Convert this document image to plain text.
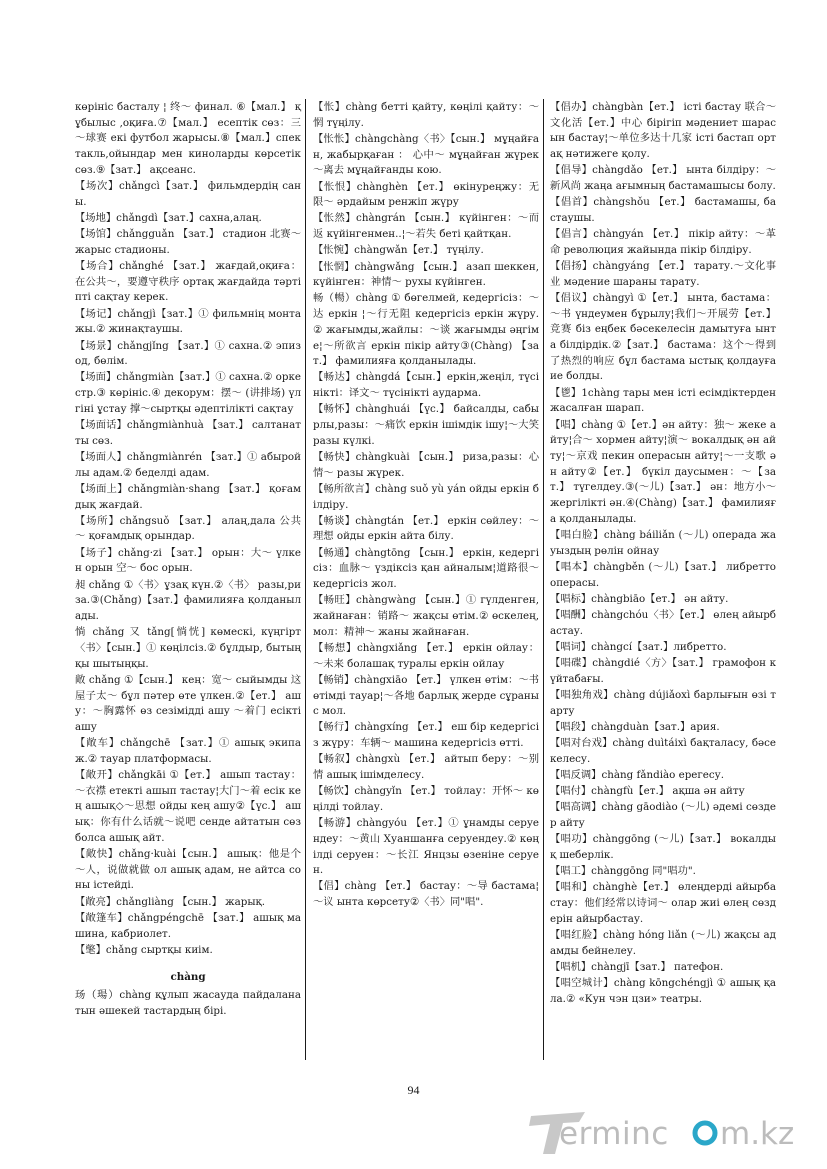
көрініс басталу ¦ 终～ финал. ⑥【мал.】 құбылыс ,оқиға.⑦【мал.】 есептік сөз：三～球赛 екі футбол жарысы.⑧【мал.】спектакль,ойындар мен киноларды көрсетік сөз.⑨【зат.】 ақсеанс.

【场次】chǎngcì【зат.】 фильмдердің саны.

【场地】chǎngdì【зат.】сахна,алаң.

【场馆】chǎngguǎn 【зат.】 стадион 北赛～ жарыс стадионы.

【场合】chǎnghé 【зат.】 жағдай,оқиға：在公共～，要遵守秩序 ортақ жағдайда тәртіпті сақтау керек.

【场记】chǎngjì【зат.】① фильмнің монтажы.② жинақтаушы.

【场景】chǎngjǐng 【зат.】① сахна.② эпизод, бөлім.

【场面】chǎngmiàn【зат.】① сахна.② оркестр.③ көрініс.④ декорум：摆～ (讲排场) үлгіні ұстау 撑～сыртқы әдептілікті сақтау

【场面话】chǎngmiànhuà 【зат.】 салтанатты сөз.

【场面人】chǎngmiànrén 【зат.】① абыройлы адам.② беделді адам.

【场面上】chǎngmiàn·shang 【зат.】 қоғамдық жағдай.

【场所】chǎngsuǒ 【зат.】 алаң,дала 公共～ қоғамдық орындар.

【场子】chǎng·zi 【зат.】 орын：大～ үлкен орын 空～ бос орын.

昶 chǎng ①〈书〉ұзақ күн.②〈书〉 разы,риза.③(Chǎng)【зат.】фамилияға қолданылады.

惝 chǎng 又 tǎng[惝恍] көмескі, күңгірт〈书〉【сын.】① көңілсіз.② бұлдыр, бытыңқы шытыңқы.

敞 chǎng ①【сын.】 кең：宽～ сыйымды 这屋子太～ бұл пәтер өте үлкен.②【ет.】 ашу：～胸露怀 өз сезімідді ашу ～着门 есікті ашу

【敞车】chǎngchē 【зат.】① ашық экипаж.② тауар платформасы.

【敞开】chǎngkāi ①【ет.】 ашып тастау：～衣襟 етекті ашып тастау¦大门～着 есік кең ашық◇～思想 ойды кең ашу②【үс.】 ашық：你有什么话就～说吧 сенде айтатын сөз болса ашық айт.

【敞快】chǎng·kuài【сын.】 ашық：他是个～人，说做就做 ол ашық адам, не айтса соны істейді.

【敞亮】chǎngliàng 【сын.】 жарық.

【敞篷车】chǎngpéngchē 【зат.】 ашық машина, кабриолет.

【氅】chǎng сыртқы киім.

chàng

玚（瑒）chàng құлып жасауда пайдаланатын әшекей тастардың бірі.

【怅】chàng бетті қайту, көңілі қайту：～惘 түңілу.

【怅怅】chàngchàng〈书〉【сын.】 мұңайған, жабырқаған ： 心中～ мұңайған жүрек ～离去 мұңайғанды кою.

【怅恨】chànghèn 【ет.】 өкінуреңжу：无限～ әрдайым ренжіп жүру

【怅然】chàngrán 【сын.】 күйінген：～而返 күйінгенмен..¦～若失 беті қайтқан.

【怅惋】chàngwǎn【ет.】 түңілу.

【怅惘】chàngwǎng 【сын.】 азап шеккен,күйінген：神情～ рухы күйінген.

畅（暢）chàng ① бөгелмей, кедергісіз：～达 еркін ¦～行无阻 кедергісіз еркін жүру. ② жағымды,жайлы：～谈 жағымды әңгіме¦～所欲言 еркін пікір айту③(Chàng) 【зат.】 фамилияға қолданылады.

【畅达】chàngdá【сын.】еркін,жеңіл, түсінікті：译文～ түсінікті аударма.

【畅怀】chànghuái 【үс.】 байсалды, сабырлы,разы：～痛饮 еркін ішімдік ішу¦～大笑 разы күлкі.

【畅快】chàngkuài 【сын.】 риза,разы：心情～ разы жүрек.

【畅所欲言】chàng suǒ yù yán ойды еркін білдіру.

【畅谈】chàngtán 【ет.】 еркін сөйлеу：～理想 ойды еркін айта білу.

【畅通】chàngtōng 【сын.】 еркін, кедергісіз：血脉～ үздіксіз қан айналым¦道路很～ кедергісіз жол.

【畅旺】chàngwàng 【сын.】① гүлденген, жайнаған：销路～ жақсы өтім.② өскелең, мол：精神～ жаны жайнаған.

【畅想】chàngxiǎng 【ет.】 еркін ойлау：～未来 болашақ туралы еркін ойлау

【畅销】chàngxiāo 【ет.】 үлкен өтім：～书 өтімді тауар¦～各地 барлық жерде сұраныс мол.

【畅行】chàngxíng 【ет.】 еш бір кедергісіз жүру：车辆～ машина кедергісіз өтті.

【畅叙】chàngxù 【ет.】 айтып беру：～别情 ашық ішімделесу.

【畅饮】chàngyǐn 【ет.】 тойлау：开怀～ көңілді тойлау.

【畅游】chàngyóu 【ет.】① ұнамды серуендеу：～黄山 Хуаншанға серуендеу.② көңілді серуен：～长江 Янцзы өзеніне серуен.

【倡】chàng 【ет.】 бастау：～导 бастама¦～议 ынта көрсету②〈书〉同"唱".

【倡办】chàngbàn【ет.】 істі бастау 联合～文化活【ет.】中心 бірігіп мәдениет шарасын бастау¦～单位多达十几家 істі бастап ортақ нәтижеге қолу.

【倡导】chàngdǎo 【ет.】 ынта білдіру：～新风尚 жаңа ағымның бастамашысы болу.

【倡首】chàngshǒu 【ет.】 бастамашы, бастаушы.

【倡言】chàngyán 【ет.】 пікір айту：～革命 революция жайында пікір білдіру.

【倡扬】chàngyáng 【ет.】 тарату.～文化事业 мәдение шараны тарату.

【倡议】chàngyì ①【ет.】 ынта, бастама：～书 үндеумен бұрылу¦我们～开展劳【ет.】竞赛 біз еңбек бәсекелесін дамытуға ынта білдірдік.②【зат.】 бастама：这个～得到了热烈的响应 бұл бастама ыстық қолдауға ие болды.

【鬯】1chàng тары мен істі есімдіктерден жасалған шарап.

【唱】chàng ①【ет.】ән айту：独～ жеке айту¦合～ хормен айту¦演～ вокалдық ән айту¦～京戏 пекин операсын айту¦～一支歌 ән айту②【ет.】 бүкіл даусымен：～【зат.】 түгелдеу.③(～儿)【зат.】 ән：地方小～ жергілікті ән.④(Chàng)【зат.】 фамилияға қолданылады.

【唱白脸】chàng báiliǎn (～儿) операда жауыздың рөлін ойнау

【唱本】chàngběn (～儿)【зат.】 либретто операсы.

【唱标】chàngbiāo【ет.】 ән айту.

【唱酬】chàngchóu〈书〉【ет.】 өлең айырбастау.

【唱词】chàngcí【зат.】либретто.

【唱碟】chàngdié〈方〉【зат.】 грамофон күйтабағы.

【唱独角戏】chàng dújiǎoxì барлығын өзі тарту

【唱段】chàngduàn【зат.】ария.

【唱对台戏】chàng duìtáixì бақталасу, бәсекелесу.

【唱反调】chàng fǎndiào ерегесу.

【唱付】chàngfù【ет.】 ақша ән айту

【唱高调】chàng gāodiào (～儿) әдемі сөздер айту

【唱功】chànggōng (～儿)【зат.】 вокалдық шеберлік.

【唱工】chànggōng 同"唱功".

【唱和】chànghè【ет.】 өлеңдерді айырбастау：他们经常以诗词～ олар жиі өлең сөздерін айырбастау.

【唱红脸】chàng hóng liǎn (～儿) жақсы адамды бейнелеу.

【唱机】chàngjī【зат.】 патефон.

【唱空城计】chàng kōngchéngjì ① ашық қала.② «Кун чэн цзи» театры.

94
erminc m.kz
